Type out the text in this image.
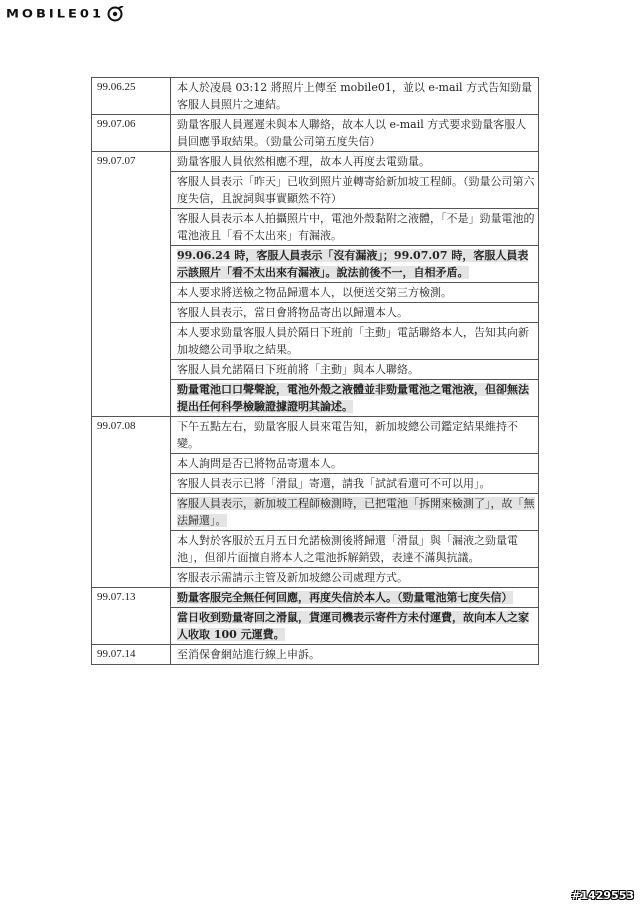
MOBILE01
99.06.25	本人於凌晨 03:12 將照片上傳至 mobile01，並以 e-mail 方式告知勁量客服人員照片之連結。
99.07.06	勁量客服人員遲遲未與本人聯絡，故本人以 e-mail 方式要求勁量客服人員回應爭取結果。（勁量公司第五度失信）
99.07.07	勁量客服人員依然相應不理，故本人再度去電勁量。
	客服人員表示「昨天」已收到照片並轉寄給新加坡工程師。（勁量公司第六度失信，且說詞與事實顯然不符）
	客服人員表示本人拍攝照片中，電池外殼黏附之液體，「不是」勁量電池的電池液且「看不太出來」有漏液。
	99.06.24 時，客服人員表示「沒有漏液」；99.07.07 時，客服人員表示該照片「看不太出來有漏液」。說法前後不一，自相矛盾。
	本人要求將送檢之物品歸還本人，以便送交第三方檢測。
	客服人員表示，當日會將物品寄出以歸還本人。
	本人要求勁量客服人員於隔日下班前「主動」電話聯絡本人，告知其向新加坡總公司爭取之結果。
	客服人員允諾隔日下班前將「主動」與本人聯絡。
	勁量電池口口聲聲說，電池外殼之液體並非勁量電池之電池液，但卻無法提出任何科學檢驗證據證明其論述。
99.07.08	下午五點左右，勁量客服人員來電告知，新加坡總公司鑑定結果維持不變。
	本人詢問是否已將物品寄還本人。
	客服人員表示已將「滑鼠」寄還，請我「試試看還可不可以用」。
	客服人員表示，新加坡工程師檢測時，已把電池「拆開來檢測了」，故「無法歸還」。
	本人對於客服於五月五日允諾檢測後將歸還「滑鼠」與「漏液之勁量電池」，但卻片面擅自將本人之電池拆解銷毀，表達不滿與抗議。
	客服表示需請示主管及新加坡總公司處理方式。
99.07.13	勁量客服完全無任何回應，再度失信於本人。（勁量電池第七度失信）
	當日收到勁量寄回之滑鼠，貨運司機表示寄件方未付運費，故向本人之家人收取 100 元運費。
99.07.14	至消保會網站進行線上申訴。
#1429553
